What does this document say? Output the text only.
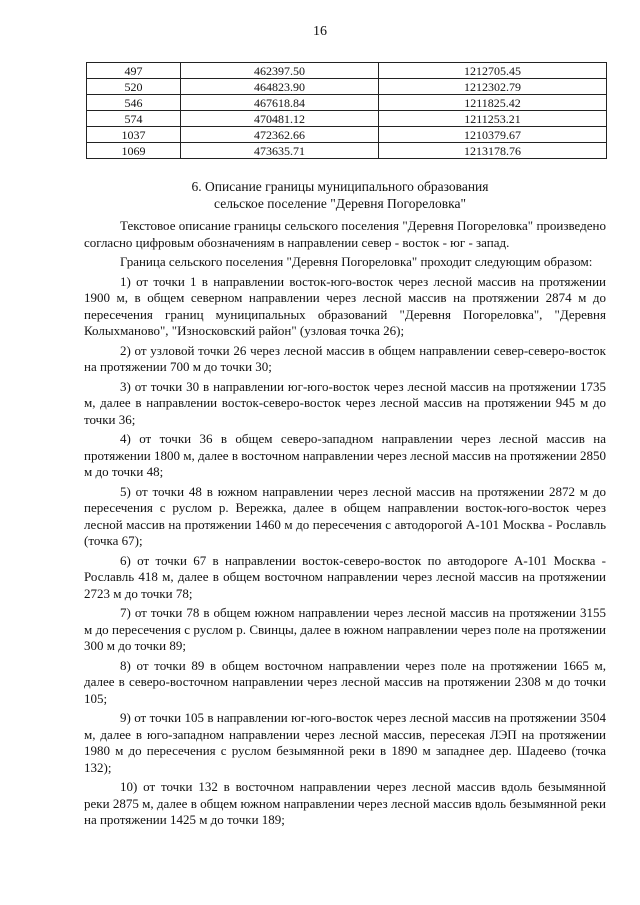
16
497	462397.50	1212705.45
520	464823.90	1212302.79
546	467618.84	1211825.42
574	470481.12	1211253.21
1037	472362.66	1210379.67
1069	473635.71	1213178.76
6. Описание границы муниципального образования
сельское поселение "Деревня Погореловка"

Текстовое описание границы сельского поселения "Деревня Погореловка" произведено согласно цифровым обозначениям в направлении север - восток - юг - запад.

Граница сельского поселения "Деревня Погореловка" проходит следующим образом:

1) от точки 1 в направлении восток-юго-восток через лесной массив на протяжении 1900 м, в общем северном направлении через лесной массив на протяжении 2874 м до пересечения границ муниципальных образований "Деревня Погореловка", "Деревня Колыхманово", "Износковский район" (узловая точка 26);

2) от узловой точки 26 через лесной массив в общем направлении север-северо-восток на протяжении 700 м до точки 30;

3) от точки 30 в направлении юг-юго-восток через лесной массив на протяжении 1735 м, далее в направлении восток-северо-восток через лесной массив на протяжении 945 м до точки 36;

4) от точки 36 в общем северо-западном направлении через лесной массив на протяжении 1800 м, далее в восточном направлении через лесной массив на протяжении 2850 м до точки 48;

5) от точки 48 в южном направлении через лесной массив на протяжении 2872 м до пересечения с руслом р. Вережка, далее в общем направлении восток-юго-восток через лесной массив на протяжении 1460 м до пересечения с автодорогой А-101 Москва - Рославль (точка 67);

6) от точки 67 в направлении восток-северо-восток по автодороге А-101 Москва - Рославль 418 м, далее в общем восточном направлении через лесной массив на протяжении 2723 м до точки 78;

7) от точки 78 в общем южном направлении через лесной массив на протяжении 3155 м до пересечения с руслом р. Свинцы, далее в южном направлении через поле на протяжении 300 м до точки 89;

8) от точки 89 в общем восточном направлении через поле на протяжении 1665 м, далее в северо-восточном направлении через лесной массив на протяжении 2308 м до точки 105;

9) от точки 105 в направлении юг-юго-восток через лесной массив на протяжении 3504 м, далее в юго-западном направлении через лесной массив, пересекая ЛЭП на протяжении 1980 м до пересечения с руслом безымянной реки в 1890 м западнее дер. Шадеево (точка 132);

10) от точки 132 в восточном направлении через лесной массив вдоль безымянной реки 2875 м, далее в общем южном направлении через лесной массив вдоль безымянной реки на протяжении 1425 м до точки 189;
